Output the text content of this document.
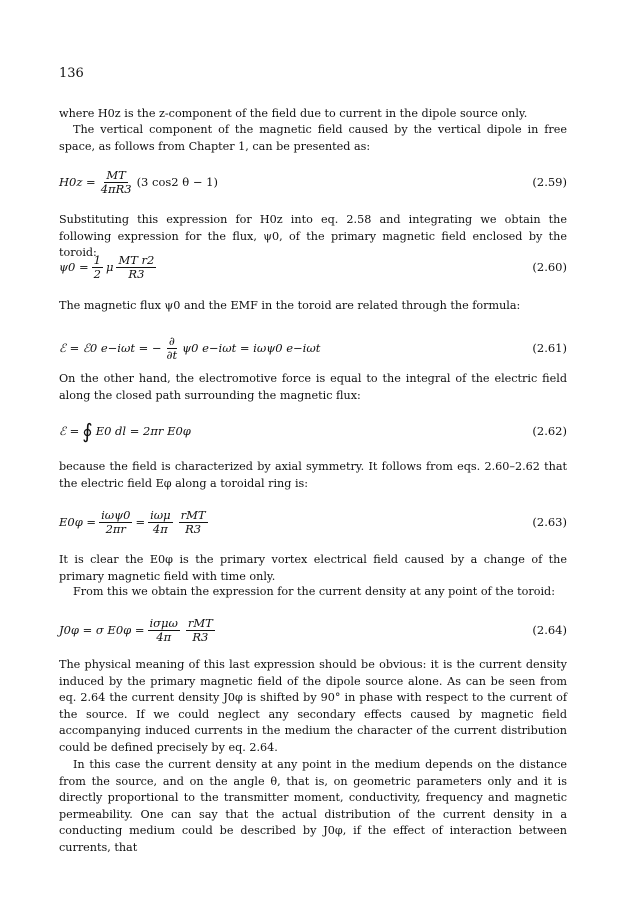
136
where H0z is the z-component of the field due to current in the dipole source only.
The vertical component of the magnetic field caused by the vertical dipole in free space, as follows from Chapter 1, can be presented as:
$H0z = \frac{MT}{4\pi R3} (3$ cos2 θ − 1)	(2.59)
Substituting this expression for H0z into eq. 2.58 and integrating we obtain the following expression for the flux, ψ0, of the primary magnetic field enclosed by the toroid:
$\psi 0 = \frac{1}{2}$ μ $\frac{\text{MT r2}}{R3}$	(2.60)
The magnetic flux ψ0 and the EMF in the toroid are related through the formula:
ℰ = ℰ0 e−iωt = − $\frac{\partial}{\partial t} \psi 0$ e−iωt = iωψ0 e−iωt	(2.61)
On the other hand, the electromotive force is equal to the integral of the electric field along the closed path surrounding the magnetic flux:
ℰ = ∮ E0 dl = 2πr E0φ	(2.62)
because the field is characterized by axial symmetry. It follows from eqs. 2.60–2.62 that the electric field Eφ along a toroidal ring is:
$E0\varphi = \frac{\text{iωψ0}}{2\pi r} = \frac{\text{iωμ}}{4\pi} \frac{\text{rMT}}{R3}$	(2.63)
It is clear the E0φ is the primary vortex electrical field caused by a change of the primary magnetic field with time only.
From this we obtain the expression for the current density at any point of the toroid:
J0φ = σ $E0\varphi = \frac{\text{iσμω}}{4\pi} \frac{\text{rMT}}{R3}$	(2.64)
The physical meaning of this last expression should be obvious: it is the current density induced by the primary magnetic field of the dipole source alone. As can be seen from eq. 2.64 the current density J0φ is shifted by 90° in phase with respect to the current of the source. If we could neglect any secondary effects caused by magnetic field accompanying induced currents in the medium the character of the current distribution could be defined precisely by eq. 2.64.
In this case the current density at any point in the medium depends on the distance from the source, and on the angle θ, that is, on geometric parameters only and it is directly proportional to the transmitter moment, conductivity, frequency and magnetic permeability. One can say that the actual distribution of the current density in a conducting medium could be described by J0φ, if the effect of interaction between currents, that
